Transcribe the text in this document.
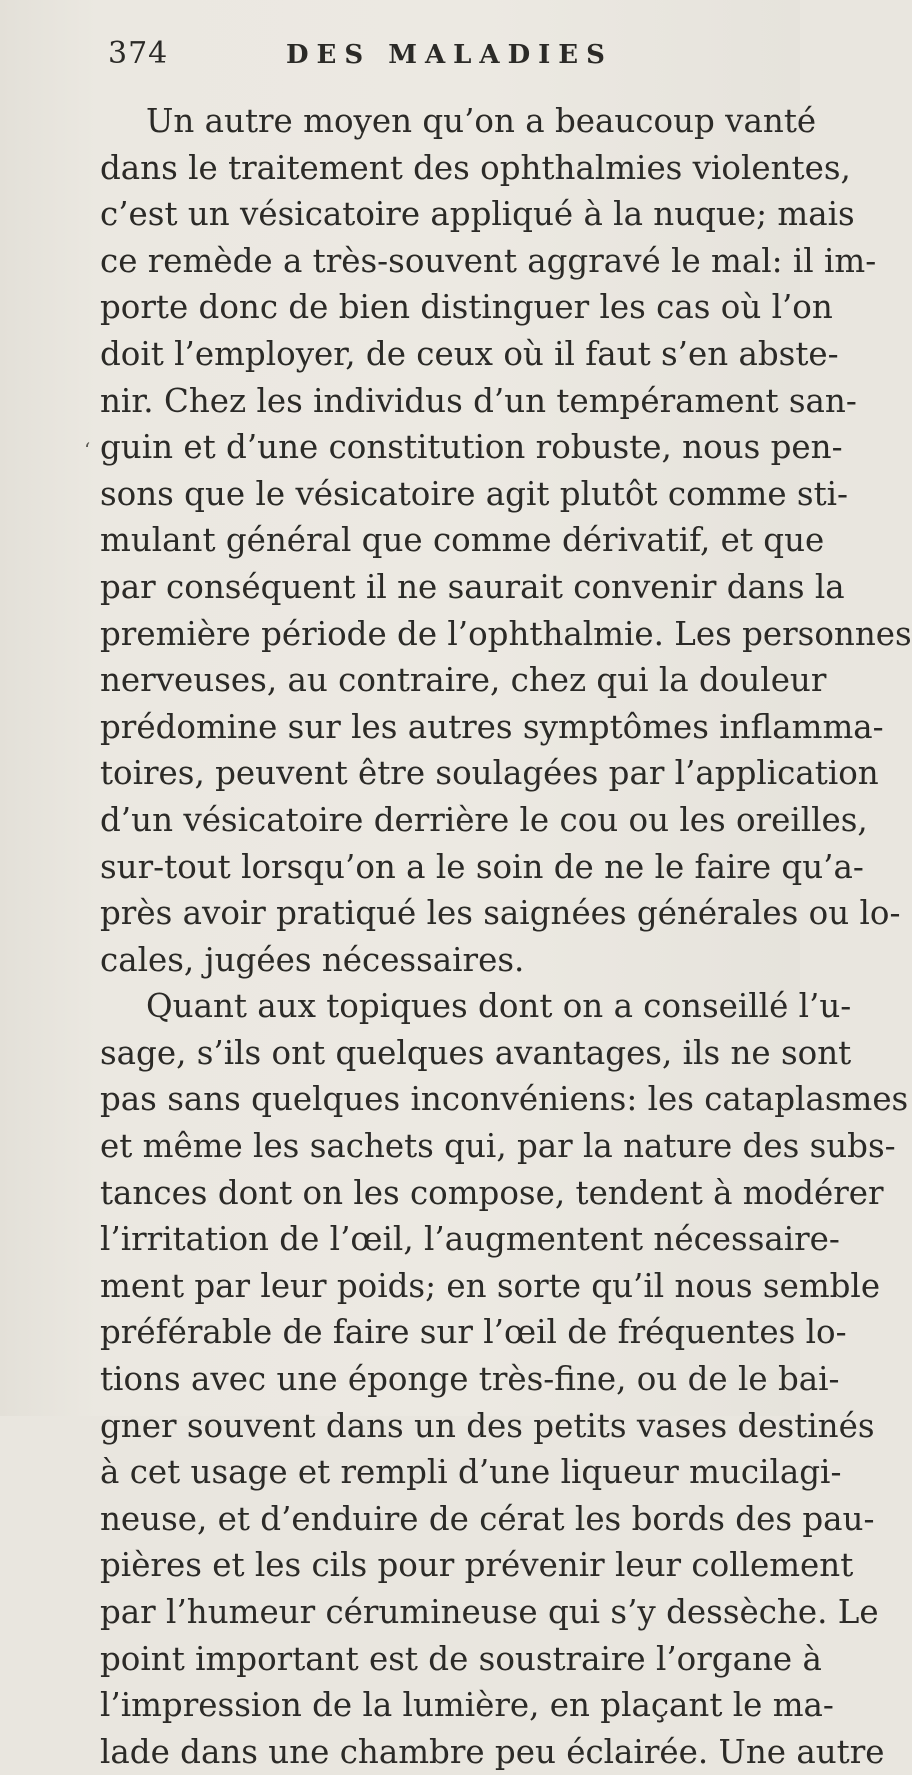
374	DES MALADIES
‘
Un autre moyen qu’on a beaucoup vanté
dans le traitement des ophthalmies violentes,
c’est un vésicatoire appliqué à la nuque; mais
ce remède a très-souvent aggravé le mal: il im-
porte donc de bien distinguer les cas où l’on
doit l’employer, de ceux où il faut s’en abste-
nir. Chez les individus d’un tempérament san-
guin et d’une constitution robuste, nous pen-
sons que le vésicatoire agit plutôt comme sti-
mulant général que comme dérivatif, et que
par conséquent il ne saurait convenir dans la
première période de l’ophthalmie. Les personnes
nerveuses, au contraire, chez qui la douleur
prédomine sur les autres symptômes inflamma-
toires, peuvent être soulagées par l’application
d’un vésicatoire derrière le cou ou les oreilles,
sur-tout lorsqu’on a le soin de ne le faire qu’a-
près avoir pratiqué les saignées générales ou lo-
cales, jugées nécessaires.
Quant aux topiques dont on a conseillé l’u-
sage, s’ils ont quelques avantages, ils ne sont
pas sans quelques inconvéniens: les cataplasmes
et même les sachets qui, par la nature des subs-
tances dont on les compose, tendent à modérer
l’irritation de l’œil, l’augmentent nécessaire-
ment par leur poids; en sorte qu’il nous semble
préférable de faire sur l’œil de fréquentes lo-
tions avec une éponge très-fine, ou de le bai-
gner souvent dans un des petits vases destinés
à cet usage et rempli d’une liqueur mucilagi-
neuse, et d’enduire de cérat les bords des pau-
pières et les cils pour prévenir leur collement
par l’humeur cérumineuse qui s’y dessèche. Le
point important est de soustraire l’organe à
l’impression de la lumière, en plaçant le ma-
lade dans une chambre peu éclairée. Une autre
